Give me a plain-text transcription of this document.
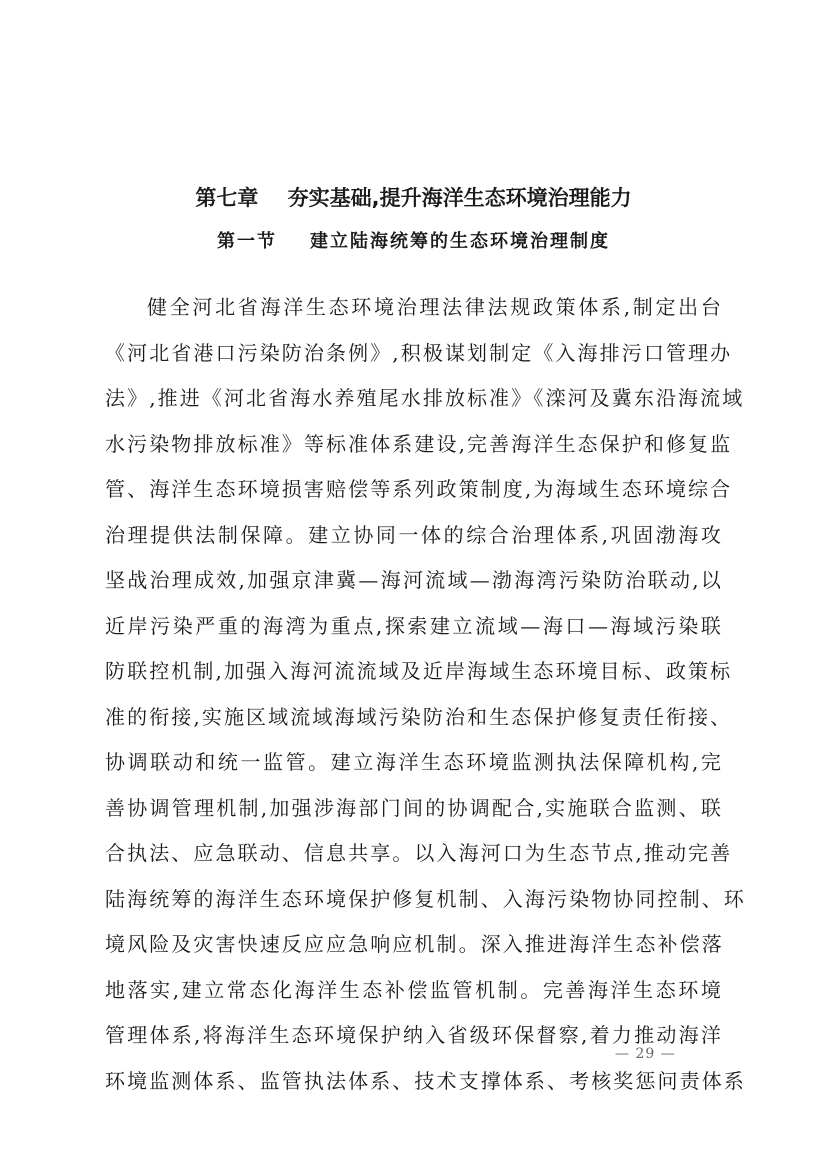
第七章    夯实基础,提升海洋生态环境治理能力
第一节    建立陆海统筹的生态环境治理制度
健全河北省海洋生态环境治理法律法规政策体系,制定出台
《河北省港口污染防治条例》,积极谋划制定《入海排污口管理办
法》,推进《河北省海水养殖尾水排放标准》《滦河及冀东沿海流域
水污染物排放标准》等标准体系建设,完善海洋生态保护和修复监
管、海洋生态环境损害赔偿等系列政策制度,为海域生态环境综合
治理提供法制保障。建立协同一体的综合治理体系,巩固渤海攻
坚战治理成效,加强京津冀—海河流域—渤海湾污染防治联动,以
近岸污染严重的海湾为重点,探索建立流域—海口—海域污染联
防联控机制,加强入海河流流域及近岸海域生态环境目标、政策标
准的衔接,实施区域流域海域污染防治和生态保护修复责任衔接、
协调联动和统一监管。建立海洋生态环境监测执法保障机构,完
善协调管理机制,加强涉海部门间的协调配合,实施联合监测、联
合执法、应急联动、信息共享。以入海河口为生态节点,推动完善
陆海统筹的海洋生态环境保护修复机制、入海污染物协同控制、环
境风险及灾害快速反应应急响应机制。深入推进海洋生态补偿落
地落实,建立常态化海洋生态补偿监管机制。完善海洋生态环境
管理体系,将海洋生态环境保护纳入省级环保督察,着力推动海洋
环境监测体系、监管执法体系、技术支撑体系、考核奖惩问责体系
— 29 —
